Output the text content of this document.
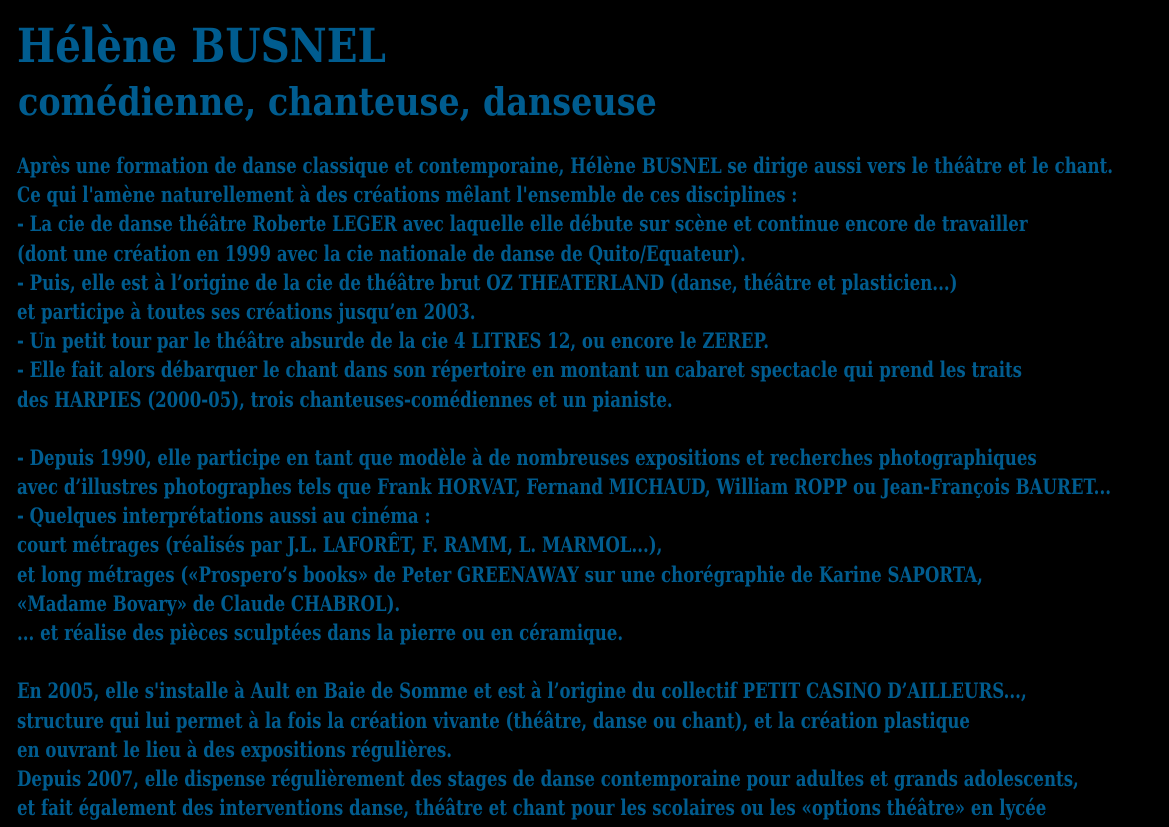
Hélène BUSNEL
comédienne, chanteuse, danseuse
Après une formation de danse classique et contemporaine, Hélène BUSNEL se dirige aussi vers le théâtre et le chant.
Ce qui l'amène naturellement à des créations mêlant l'ensemble de ces disciplines :
- La cie de danse théâtre Roberte LEGER avec laquelle elle débute sur scène et continue encore de travailler
(dont une création en 1999 avec la cie nationale de danse de Quito/Equateur).
- Puis, elle est à l’origine de la cie de théâtre brut OZ THEATERLAND (danse, théâtre et plasticien...)
et participe à toutes ses créations jusqu’en 2003.
- Un petit tour par le théâtre absurde de la cie 4 LITRES 12, ou encore le ZEREP.
- Elle fait alors débarquer le chant dans son répertoire en montant un cabaret spectacle qui prend les traits
des HARPIES (2000-05), trois chanteuses-comédiennes et un pianiste.
- Depuis 1990, elle participe en tant que modèle à de nombreuses expositions et recherches photographiques
avec d’illustres photographes tels que Frank HORVAT, Fernand MICHAUD, William ROPP ou Jean-François BAURET...
- Quelques interprétations aussi au cinéma :
court métrages (réalisés par J.L. LAFORÊT, F. RAMM, L. MARMOL...),
et long métrages («Prospero’s books» de Peter GREENAWAY sur une chorégraphie de Karine SAPORTA,
«Madame Bovary» de Claude CHABROL).
... et réalise des pièces sculptées dans la pierre ou en céramique.
En 2005, elle s'installe à Ault en Baie de Somme et est à l’origine du collectif PETIT CASINO D’AILLEURS...,
structure qui lui permet à la fois la création vivante (théâtre, danse ou chant), et la création plastique
en ouvrant le lieu à des expositions régulières.
Depuis 2007, elle dispense régulièrement des stages de danse contemporaine pour adultes et grands adolescents,
et fait également des interventions danse, théâtre et chant pour les scolaires ou les «options théâtre» en lycée
